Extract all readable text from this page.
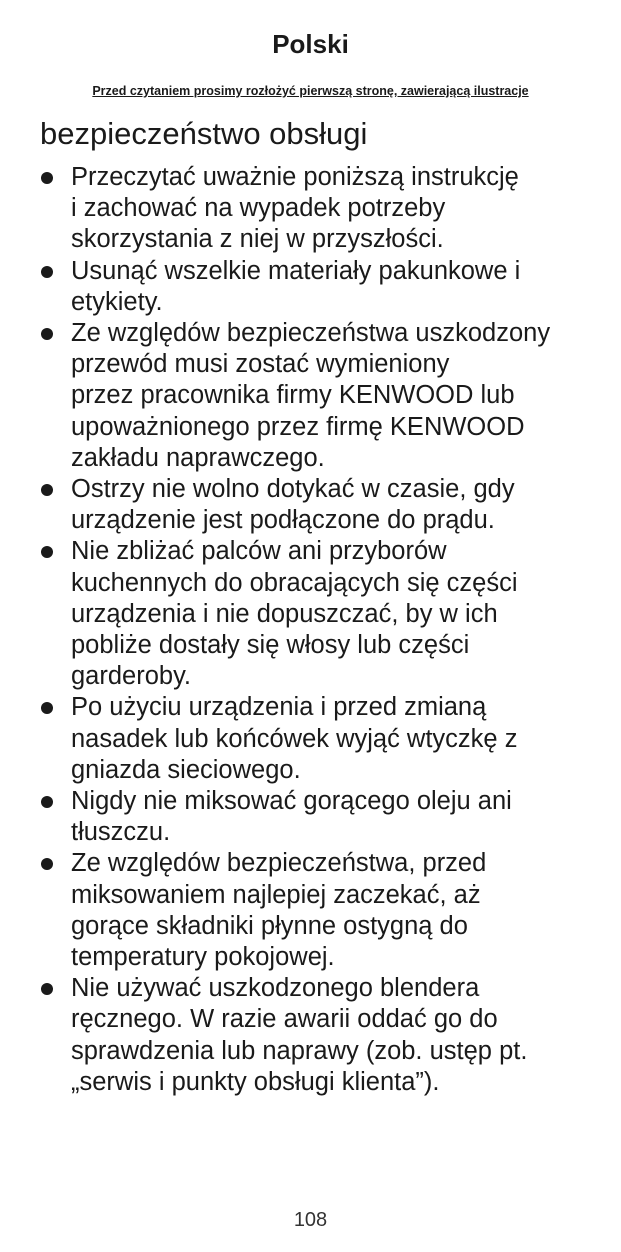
Polski
Przed czytaniem prosimy rozłożyć pierwszą stronę, zawierającą ilustracje
bezpieczeństwo obsługi
Przeczytać uważnie poniższą instrukcję
i zachować na wypadek potrzeby
skorzystania z niej w przyszłości.
Usunąć wszelkie materiały pakunkowe i
etykiety.
Ze względów bezpieczeństwa uszkodzony
przewód musi zostać wymieniony
przez pracownika firmy KENWOOD lub
upoważnionego przez firmę KENWOOD
zakładu naprawczego.
Ostrzy nie wolno dotykać w czasie, gdy
urządzenie jest podłączone do prądu.
Nie zbliżać palców ani przyborów
kuchennych do obracających się części
urządzenia i nie dopuszczać, by w ich
pobliże dostały się włosy lub części
garderoby.
Po użyciu urządzenia i przed zmianą
nasadek lub końcówek wyjąć wtyczkę z
gniazda sieciowego.
Nigdy nie miksować gorącego oleju ani
tłuszczu.
Ze względów bezpieczeństwa, przed
miksowaniem najlepiej zaczekać, aż
gorące składniki płynne ostygną do
temperatury pokojowej.
Nie używać uszkodzonego blendera
ręcznego. W razie awarii oddać go do
sprawdzenia lub naprawy (zob. ustęp pt.
„serwis i punkty obsługi klienta”).
108
